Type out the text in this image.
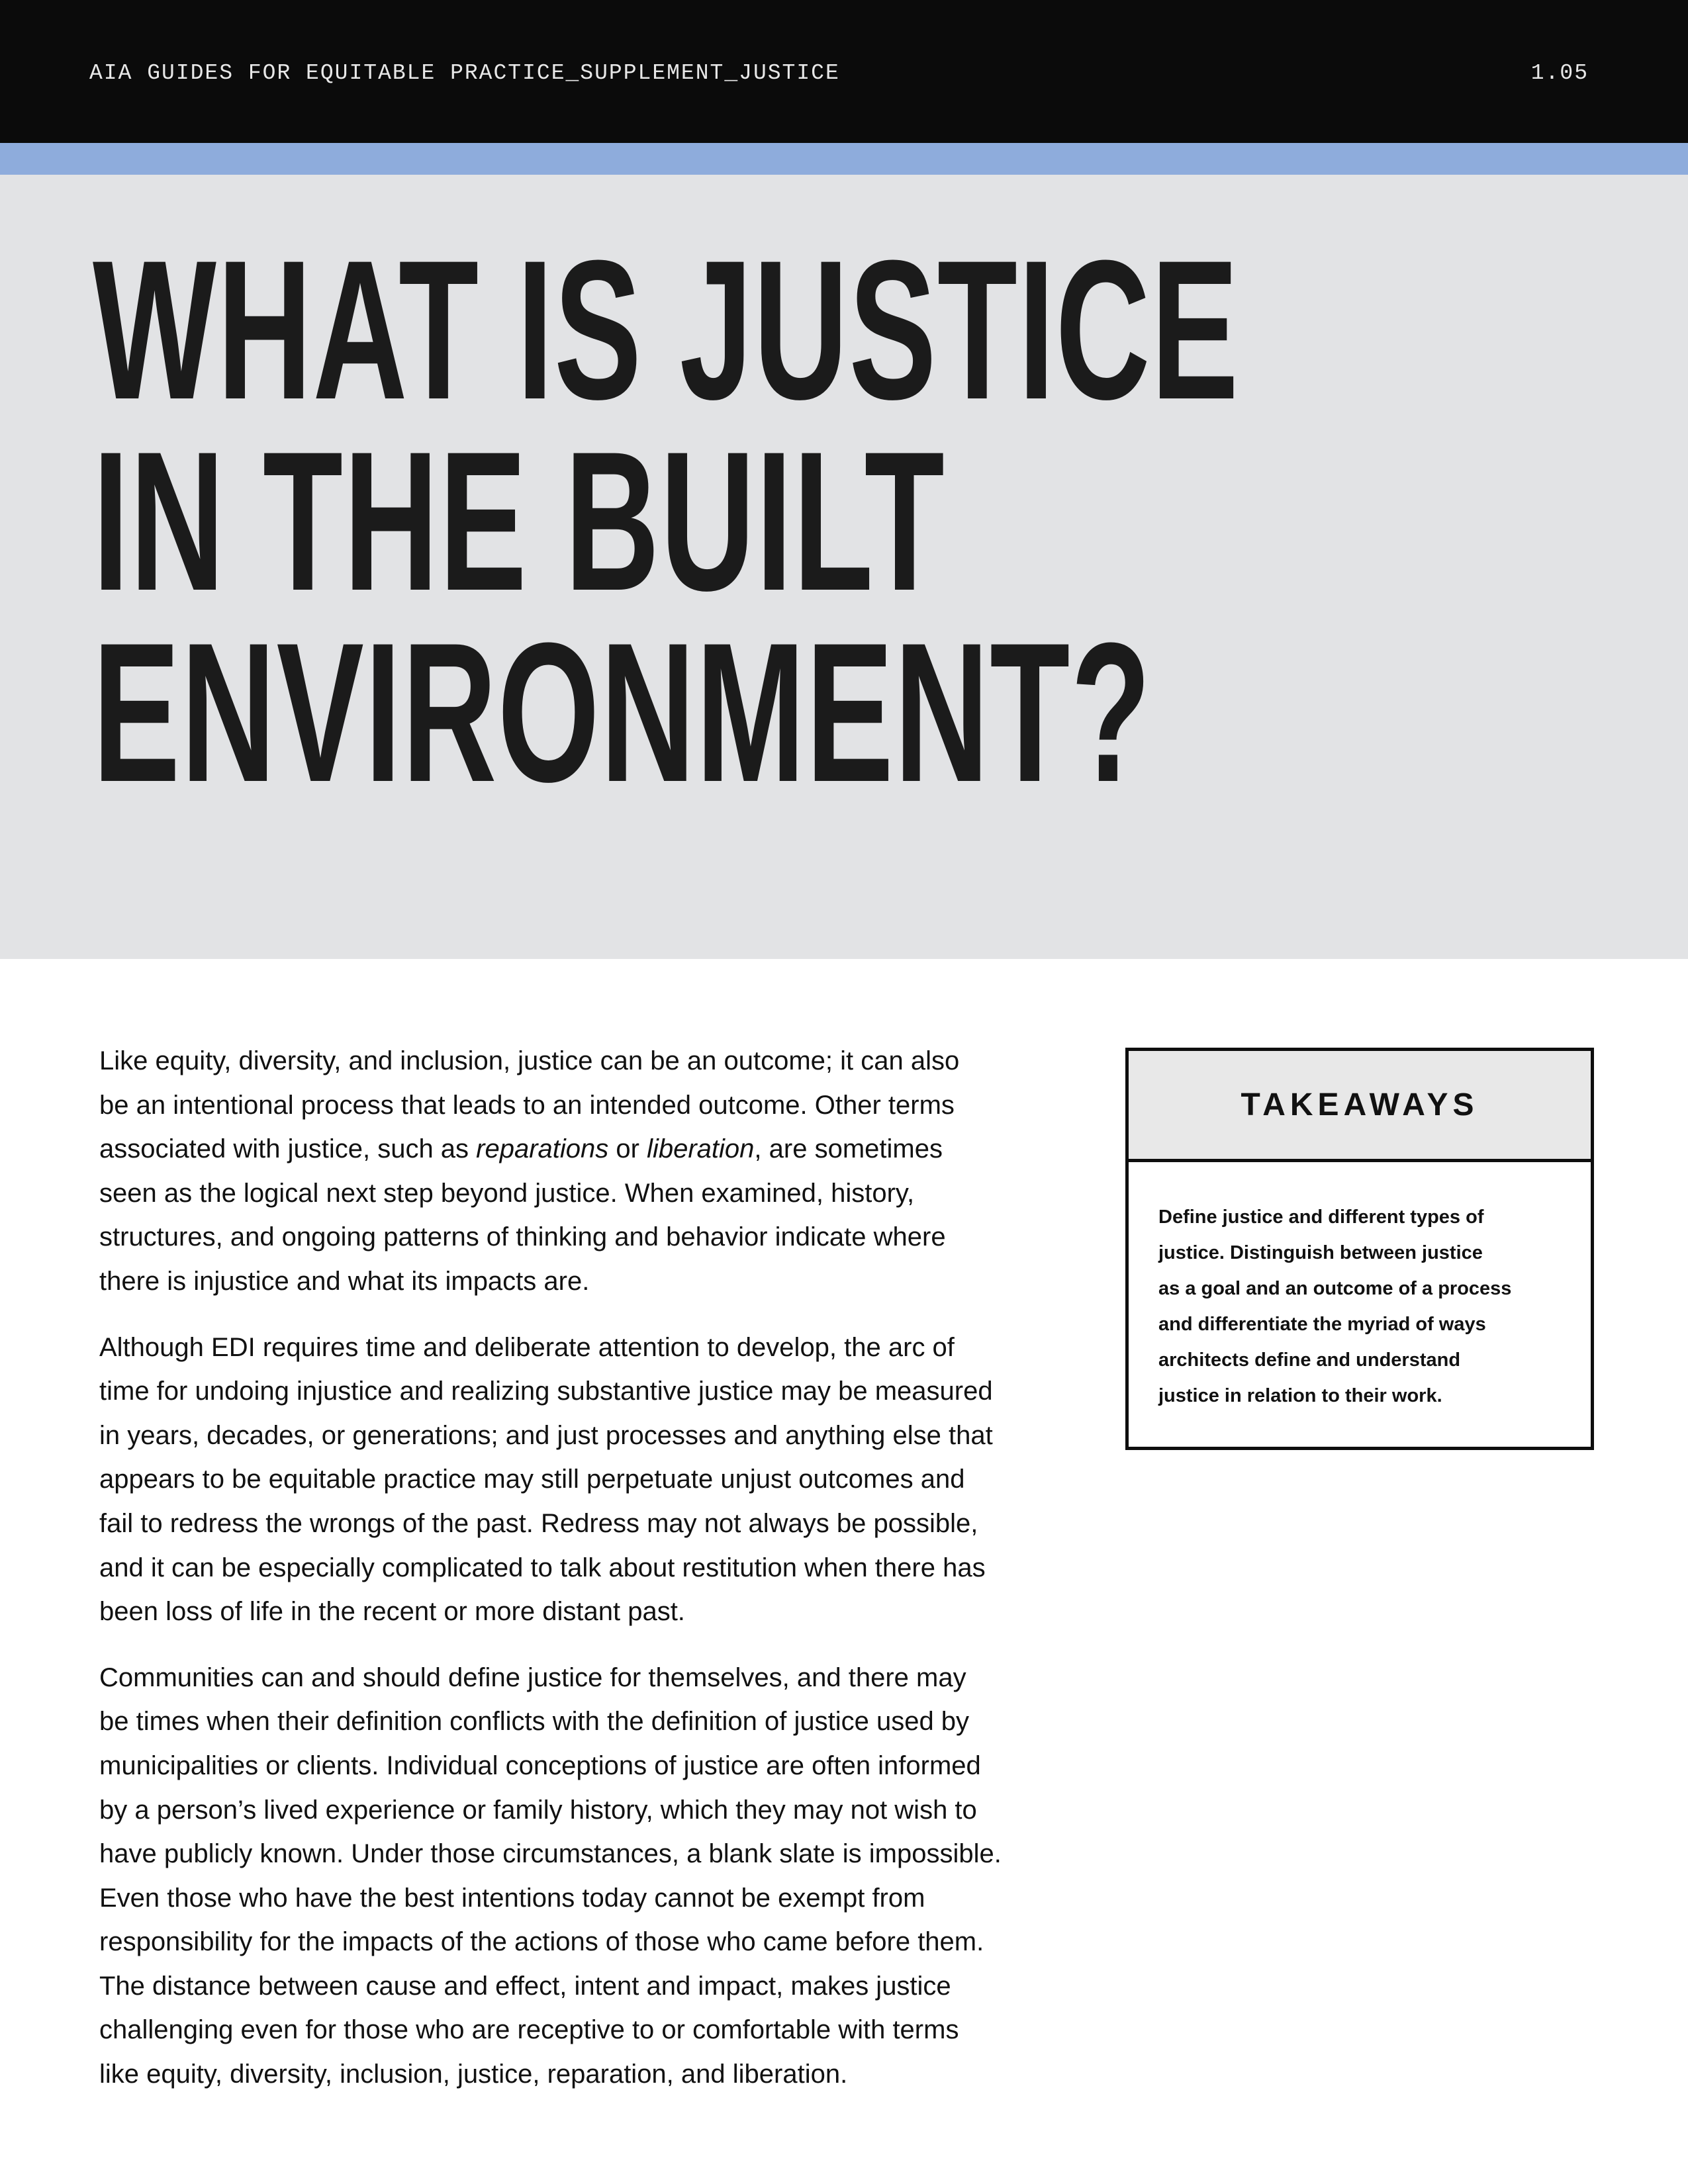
AIA GUIDES FOR EQUITABLE PRACTICE_SUPPLEMENT_JUSTICE	1.05
WHAT IS JUSTICE
IN THE BUILT
ENVIRONMENT?

Like equity, diversity, and inclusion, justice can be an outcome; it can also
be an intentional process that leads to an intended outcome. Other terms
associated with justice, such as reparations or liberation, are sometimes
seen as the logical next step beyond justice. When examined, history,
structures, and ongoing patterns of thinking and behavior indicate where
there is injustice and what its impacts are.

Although EDI requires time and deliberate attention to develop, the arc of
time for undoing injustice and realizing substantive justice may be measured
in years, decades, or generations; and just processes and anything else that
appears to be equitable practice may still perpetuate unjust outcomes and
fail to redress the wrongs of the past. Redress may not always be possible,
and it can be especially complicated to talk about restitution when there has
been loss of life in the recent or more distant past.

Communities can and should define justice for themselves, and there may
be times when their definition conflicts with the definition of justice used by
municipalities or clients. Individual conceptions of justice are often informed
by a person’s lived experience or family history, which they may not wish to
have publicly known. Under those circumstances, a blank slate is impossible.
Even those who have the best intentions today cannot be exempt from
responsibility for the impacts of the actions of those who came before them.
The distance between cause and effect, intent and impact, makes justice
challenging even for those who are receptive to or comfortable with terms
like equity, diversity, inclusion, justice, reparation, and liberation.

TAKEAWAYS
Define justice and different types of
justice. Distinguish between justice
as a goal and an outcome of a process
and differentiate the myriad of ways
architects define and understand
justice in relation to their work.
